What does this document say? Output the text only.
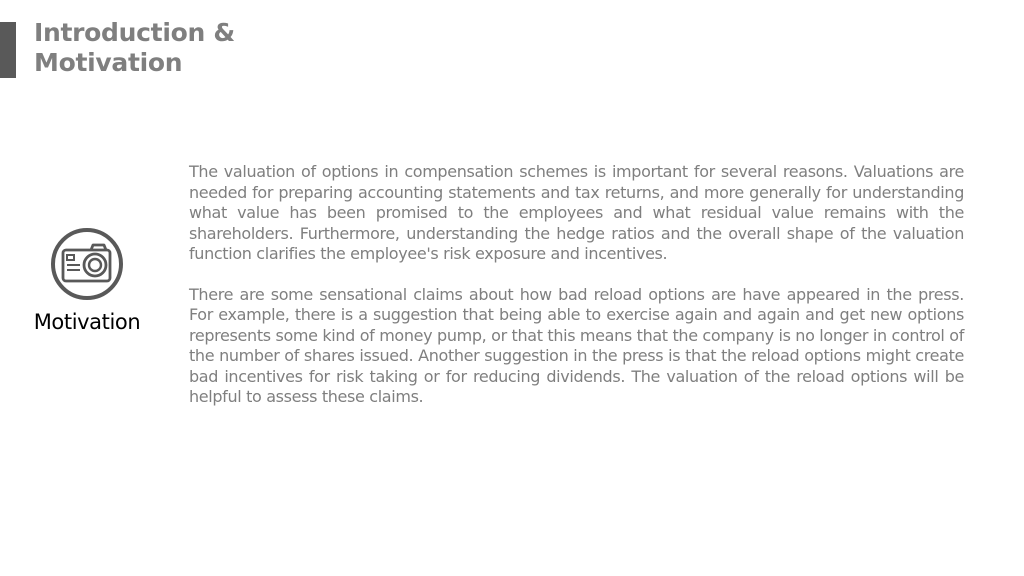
Introduction &
Motivation
Motivation

The valuation of options in compensation schemes is important for several reasons. Valuations are needed for preparing accounting statements and tax returns, and more generally for understanding what value has been promised to the employees and what residual value remains with the shareholders. Furthermore, understanding the hedge ratios and the overall shape of the valuation function clarifies the employee's risk exposure and incentives.

There are some sensational claims about how bad reload options are have appeared in the press. For example, there is a suggestion that being able to exercise again and again and get new options represents some kind of money pump, or that this means that the company is no longer in control of the number of shares issued. Another suggestion in the press is that the reload options might create bad incentives for risk taking or for reducing dividends. The valuation of the reload options will be helpful to assess these claims.
